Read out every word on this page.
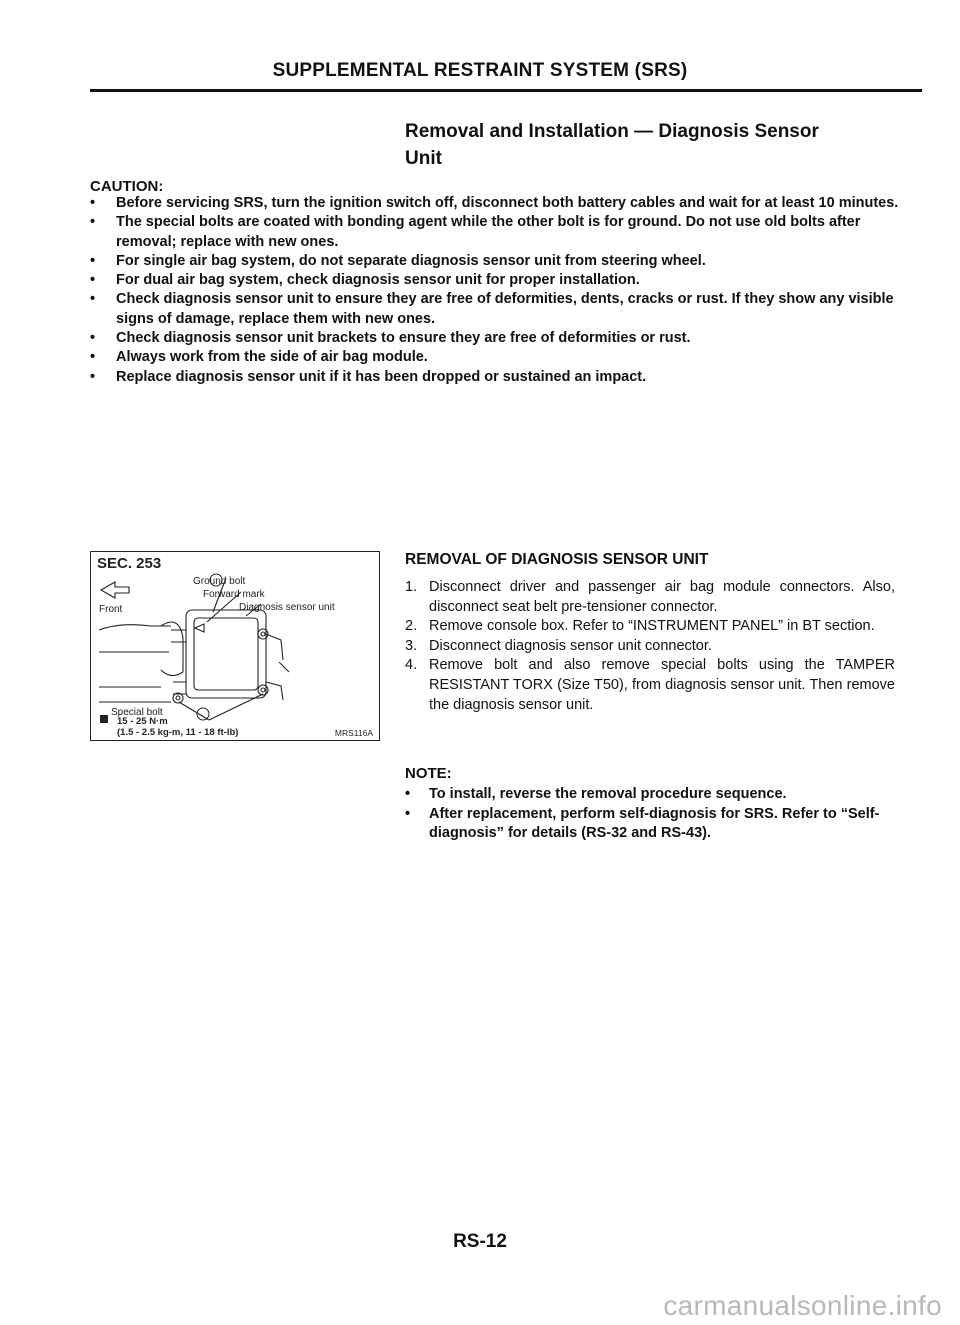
SUPPLEMENTAL RESTRAINT SYSTEM (SRS)
Removal and Installation — Diagnosis Sensor
Unit
CAUTION:
• Before servicing SRS, turn the ignition switch off, disconnect both battery cables and wait for at least 10 minutes.
• The special bolts are coated with bonding agent while the other bolt is for ground. Do not use old bolts after removal; replace with new ones.
• For single air bag system, do not separate diagnosis sensor unit from steering wheel.
• For dual air bag system, check diagnosis sensor unit for proper installation.
• Check diagnosis sensor unit to ensure they are free of deformities, dents, cracks or rust. If they show any visible signs of damage, replace them with new ones.
• Check diagnosis sensor unit brackets to ensure they are free of deformities or rust.
• Always work from the side of air bag module.
• Replace diagnosis sensor unit if it has been dropped or sustained an impact.
SEC. 253
Front
Ground bolt
Forward mark
Diagnosis sensor unit
Special bolt
15 - 25 N·m
(1.5 - 2.5 kg-m, 11 - 18 ft-lb)	MRS116A
REMOVAL OF DIAGNOSIS SENSOR UNIT
1. Disconnect driver and passenger air bag module connectors. Also, disconnect seat belt pre-tensioner connector.
2. Remove console box. Refer to “INSTRUMENT PANEL” in BT section.
3. Disconnect diagnosis sensor unit connector.
4. Remove bolt and also remove special bolts using the TAMPER RESISTANT TORX (Size T50), from diagnosis sensor unit. Then remove the diagnosis sensor unit.
NOTE:
• To install, reverse the removal procedure sequence.
• After replacement, perform self-diagnosis for SRS. Refer to “Self-diagnosis” for details (RS-32 and RS-43).
RS-12
carmanualsonline.info
